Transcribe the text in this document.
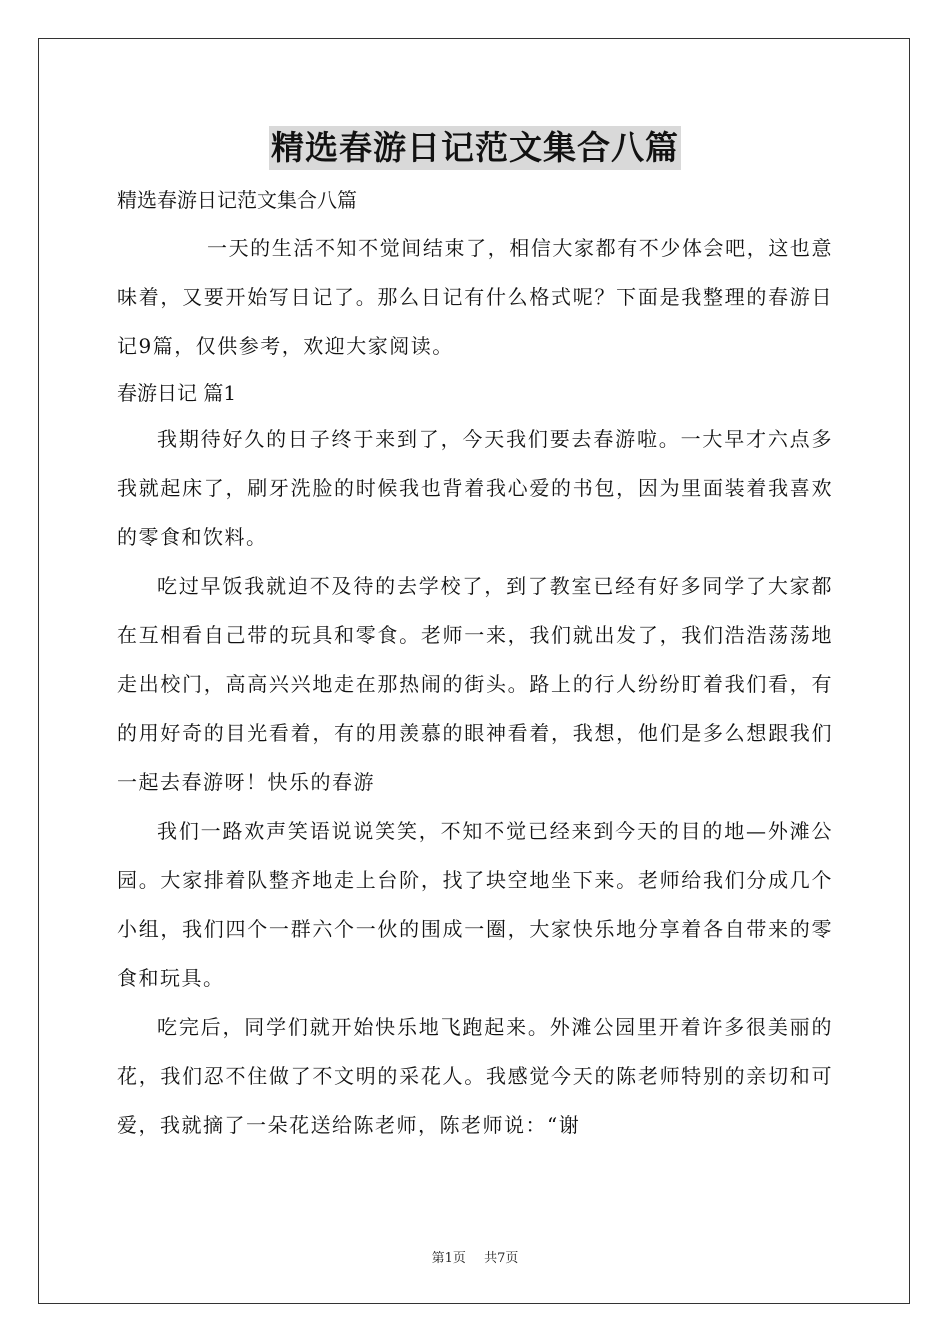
精选春游日记范文集合八篇

精选春游日记范文集合八篇

一天的生活不知不觉间结束了，相信大家都有不少体会吧，这也意味着，又要开始写日记了。那么日记有什么格式呢？下面是我整理的春游日记9篇，仅供参考，欢迎大家阅读。

春游日记 篇1

我期待好久的日子终于来到了，今天我们要去春游啦。一大早才六点多我就起床了，刷牙洗脸的时候我也背着我心爱的书包，因为里面装着我喜欢的零食和饮料。

吃过早饭我就迫不及待的去学校了，到了教室已经有好多同学了大家都在互相看自己带的玩具和零食。老师一来，我们就出发了，我们浩浩荡荡地走出校门，高高兴兴地走在那热闹的街头。路上的行人纷纷盯着我们看，有的用好奇的目光看着，有的用羡慕的眼神看着，我想，他们是多么想跟我们一起去春游呀！快乐的春游

我们一路欢声笑语说说笑笑，不知不觉已经来到今天的目的地—外滩公园。大家排着队整齐地走上台阶，找了块空地坐下来。老师给我们分成几个小组，我们四个一群六个一伙的围成一圈，大家快乐地分享着各自带来的零食和玩具。

吃完后，同学们就开始快乐地飞跑起来。外滩公园里开着许多很美丽的花，我们忍不住做了不文明的采花人。我感觉今天的陈老师特别的亲切和可爱，我就摘了一朵花送给陈老师，陈老师说：“谢

第1页 共7页
